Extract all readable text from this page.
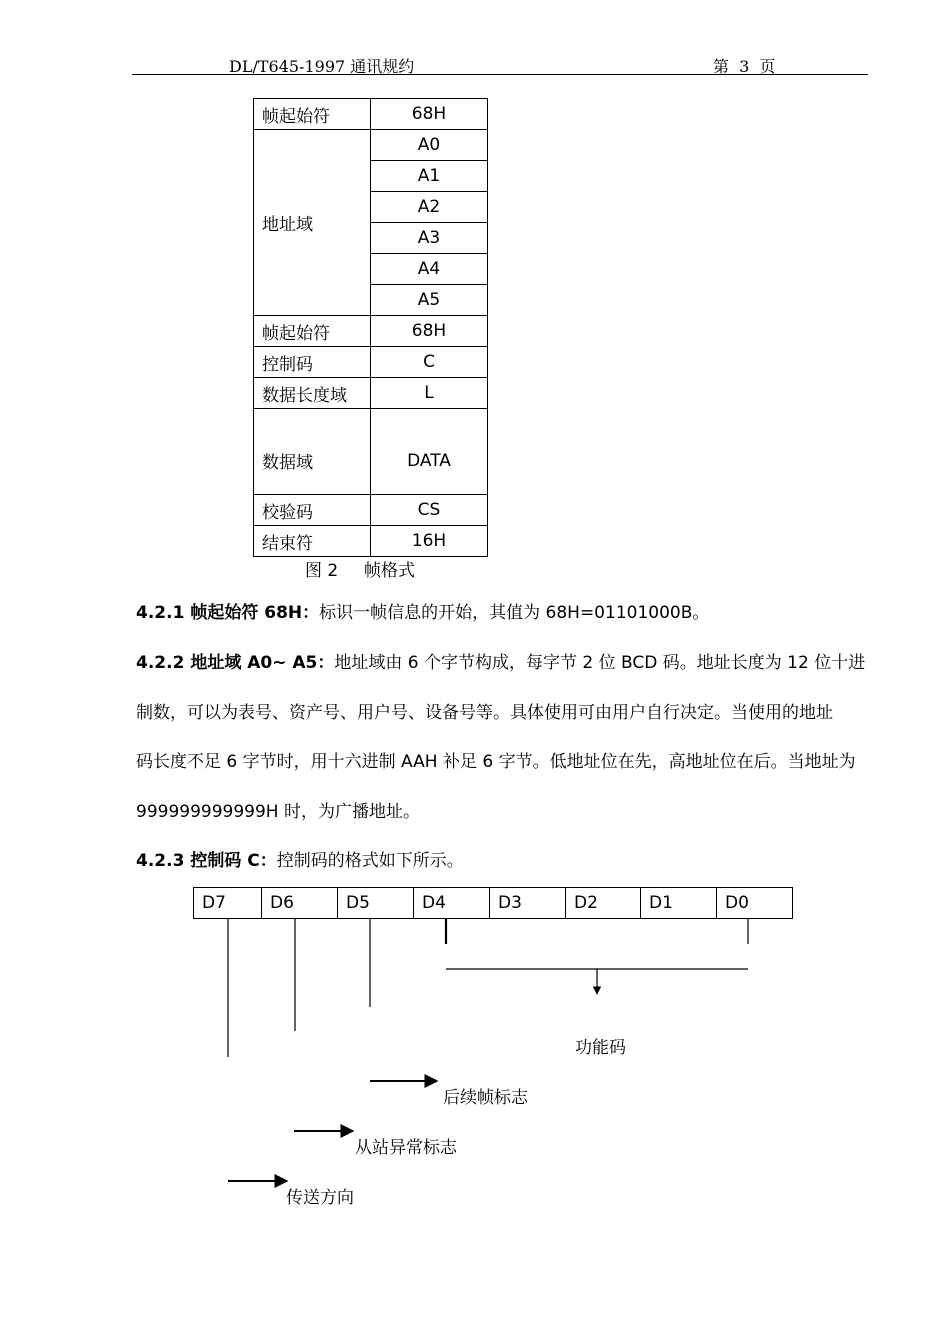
DL/T645-1997 通讯规约	第  3  页
帧起始符	68H
地址域	A0
	A1
	A2
	A3
	A4
	A5
帧起始符	68H
控制码	C
数据长度域	L
数据域	DATA
校验码	CS
结束符	16H
图 2 帧格式
4.2.1 帧起始符 68H：标识一帧信息的开始，其值为 68H=01101000B。
4.2.2 地址域 A0~ A5：地址域由 6 个字节构成，每字节 2 位 BCD 码。地址长度为 12 位十进
制数，可以为表号、资产号、用户号、设备号等。具体使用可由用户自行决定。当使用的地址
码长度不足 6 字节时，用十六进制 AAH 补足 6 字节。低地址位在先，高地址位在后。当地址为
999999999999H 时，为广播地址。
4.2.3 控制码 C：控制码的格式如下所示。
D7	D6	D5	D4	D3	D2	D1	D0
功能码
后续帧标志
从站异常标志
传送方向
